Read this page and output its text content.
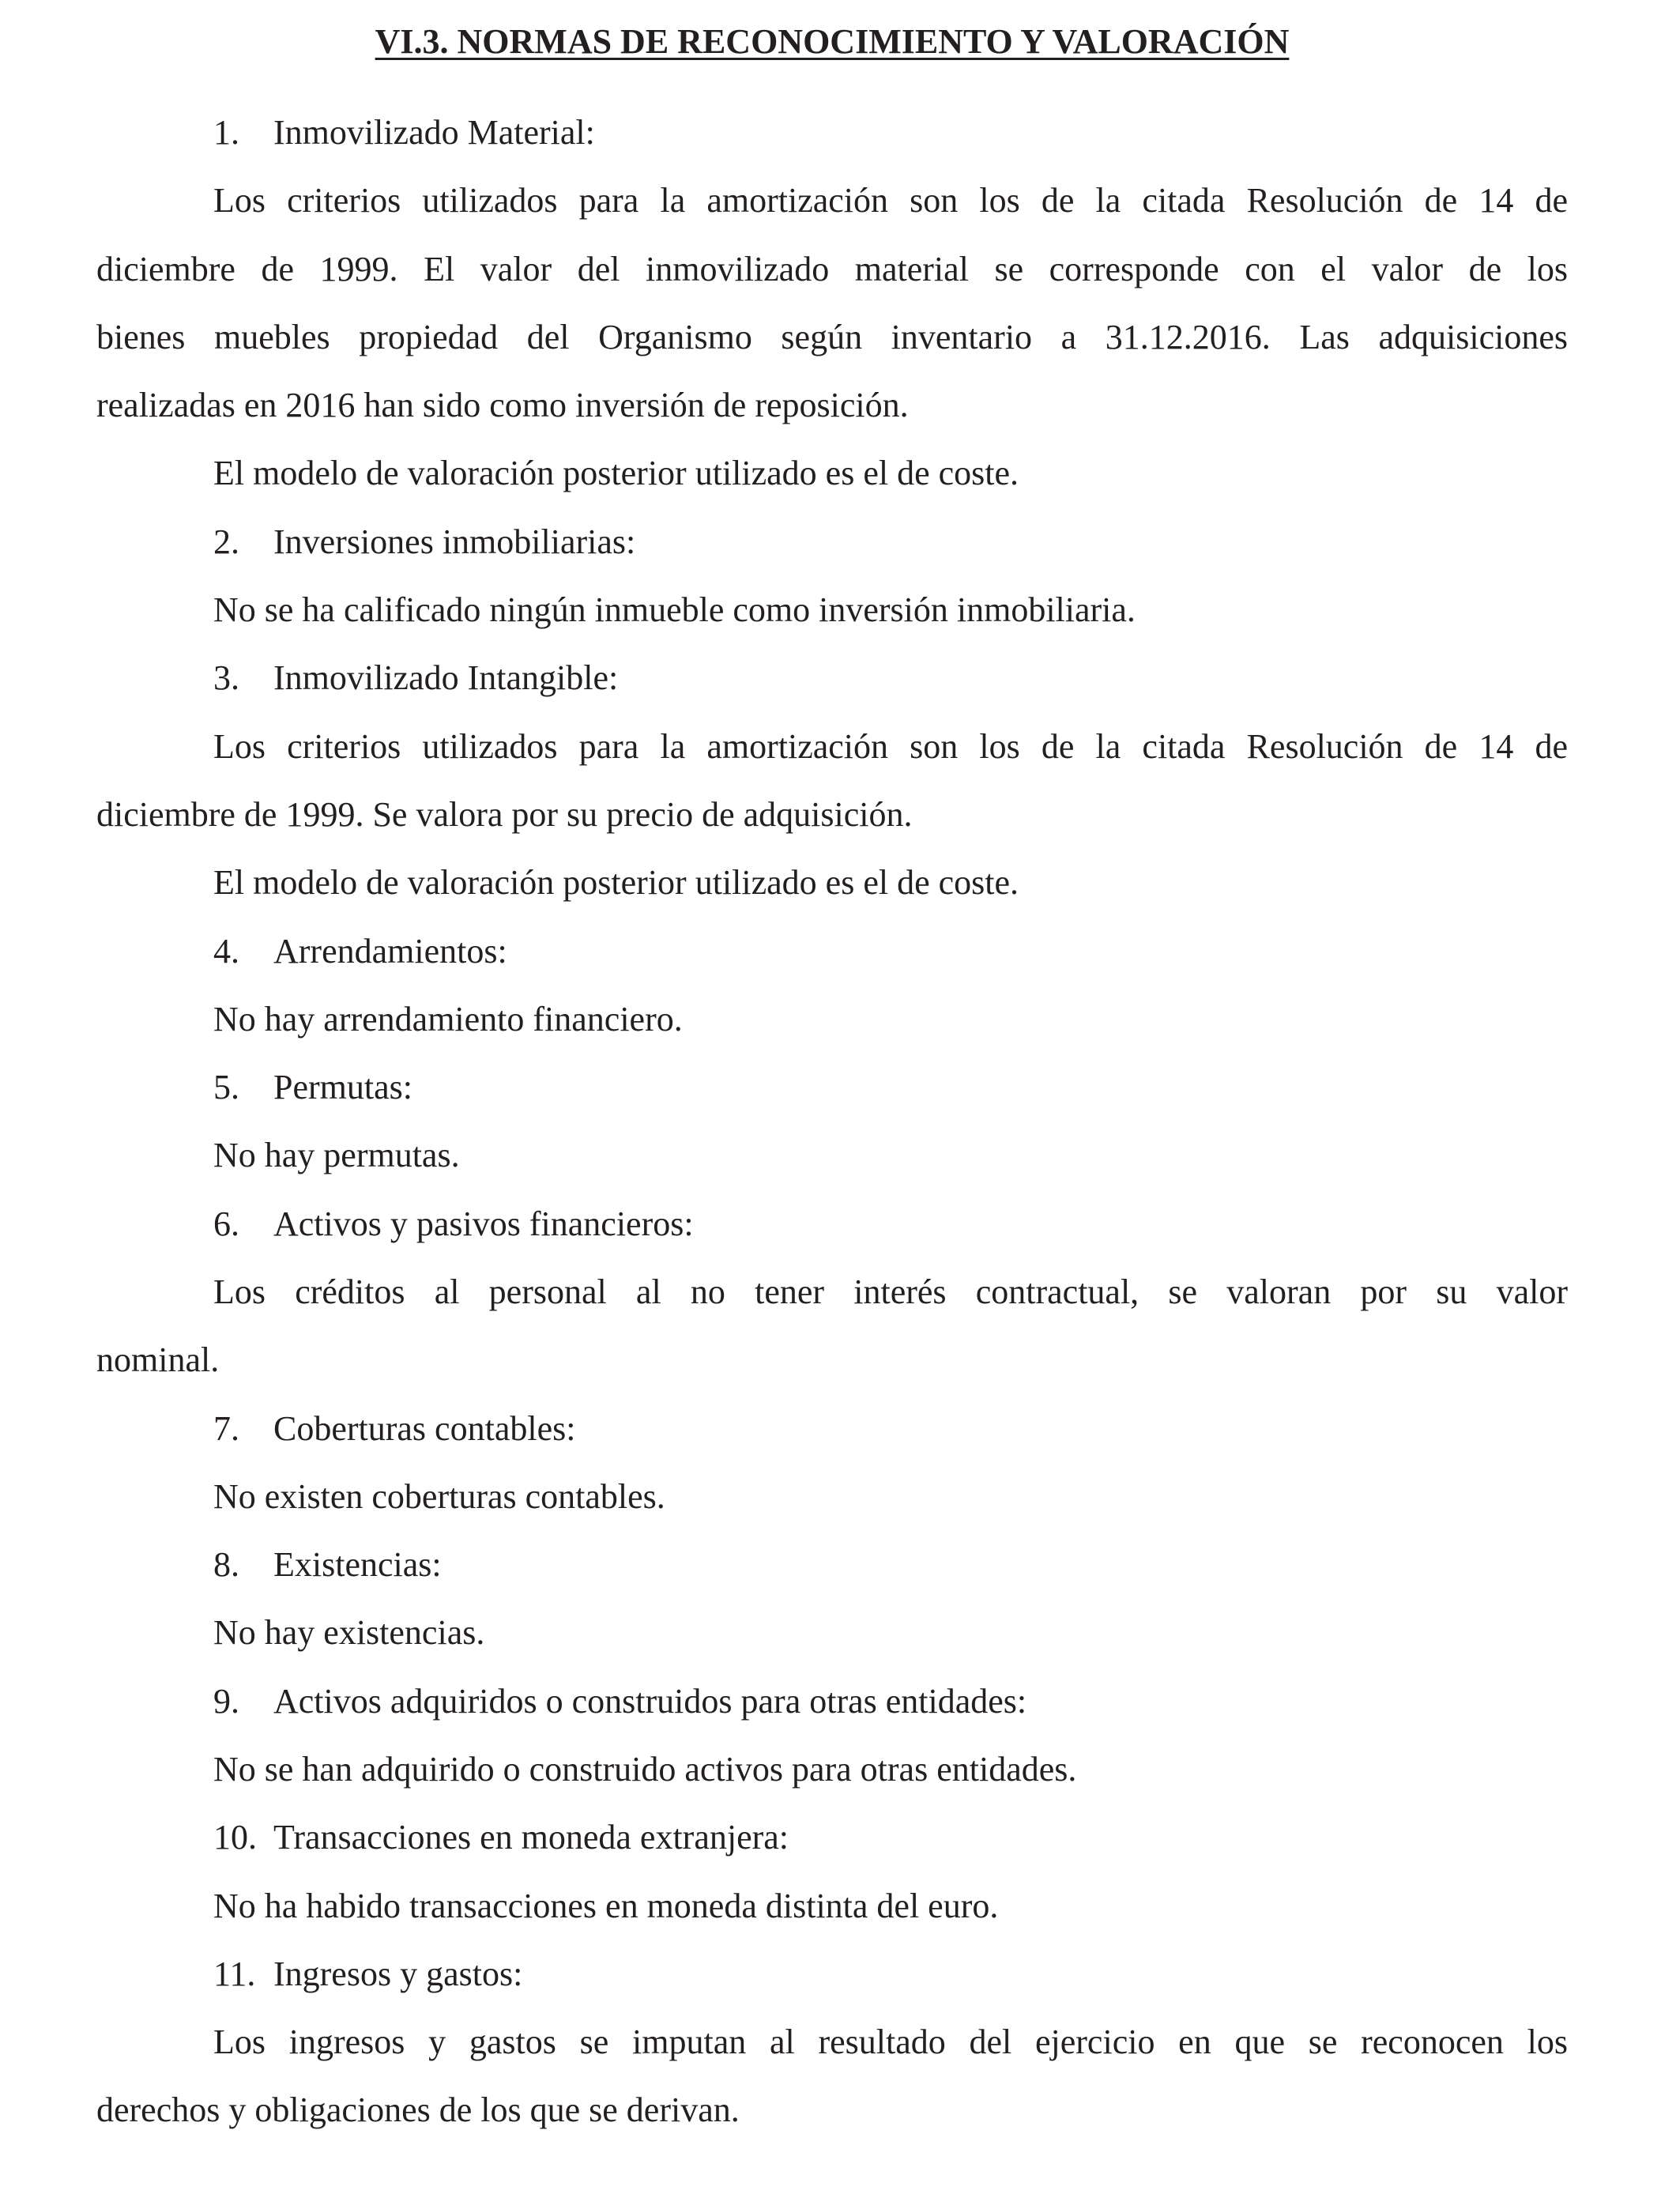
VI.3. NORMAS DE RECONOCIMIENTO Y VALORACIÓN
1. Inmovilizado Material:
Los criterios utilizados para la amortización son los de la citada Resolución de 14 de
diciembre de 1999. El valor del inmovilizado material se corresponde con el valor de los
bienes muebles propiedad del Organismo según inventario a 31.12.2016. Las adquisiciones
realizadas en 2016 han sido como inversión de reposición.
El modelo de valoración posterior utilizado es el de coste.
2. Inversiones inmobiliarias:
No se ha calificado ningún inmueble como inversión inmobiliaria.
3. Inmovilizado Intangible:
Los criterios utilizados para la amortización son los de la citada Resolución de 14 de
diciembre de 1999. Se valora por su precio de adquisición.
El modelo de valoración posterior utilizado es el de coste.
4. Arrendamientos:
No hay arrendamiento financiero.
5. Permutas:
No hay permutas.
6. Activos y pasivos financieros:
Los créditos al personal al no tener interés contractual, se valoran por su valor
nominal.
7. Coberturas contables:
No existen coberturas contables.
8. Existencias:
No hay existencias.
9. Activos adquiridos o construidos para otras entidades:
No se han adquirido o construido activos para otras entidades.
10. Transacciones en moneda extranjera:
No ha habido transacciones en moneda distinta del euro.
11. Ingresos y gastos:
Los ingresos y gastos se imputan al resultado del ejercicio en que se reconocen los
derechos y obligaciones de los que se derivan.
